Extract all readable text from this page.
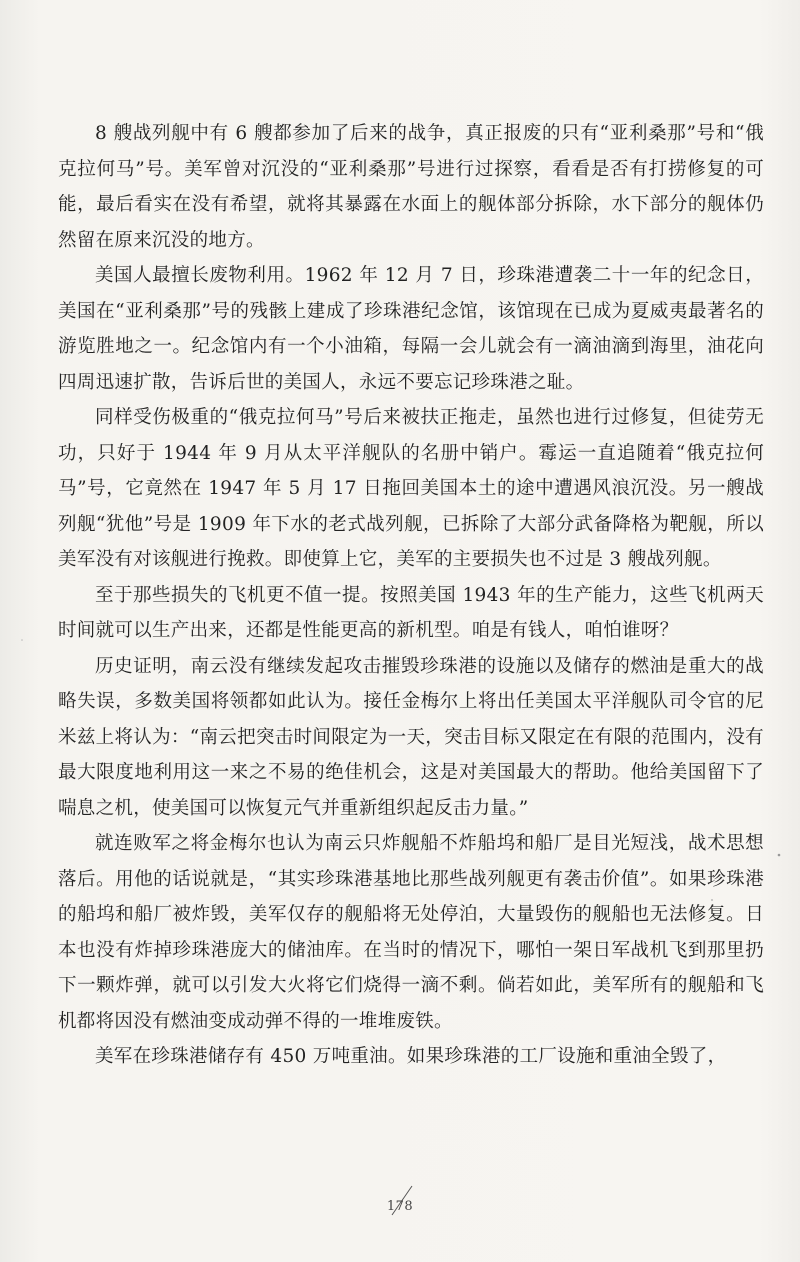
8 艘战列舰中有 6 艘都参加了后来的战争，真正报废的只有“亚利桑那”号和“俄克拉何马”号。美军曾对沉没的“亚利桑那”号进行过探察，看看是否有打捞修复的可能，最后看实在没有希望，就将其暴露在水面上的舰体部分拆除，水下部分的舰体仍然留在原来沉没的地方。

美国人最擅长废物利用。1962 年 12 月 7 日，珍珠港遭袭二十一年的纪念日，美国在“亚利桑那”号的残骸上建成了珍珠港纪念馆，该馆现在已成为夏威夷最著名的游览胜地之一。纪念馆内有一个小油箱，每隔一会儿就会有一滴油滴到海里，油花向四周迅速扩散，告诉后世的美国人，永远不要忘记珍珠港之耻。

同样受伤极重的“俄克拉何马”号后来被扶正拖走，虽然也进行过修复，但徒劳无功，只好于 1944 年 9 月从太平洋舰队的名册中销户。霉运一直追随着“俄克拉何马”号，它竟然在 1947 年 5 月 17 日拖回美国本土的途中遭遇风浪沉没。另一艘战列舰“犹他”号是 1909 年下水的老式战列舰，已拆除了大部分武备降格为靶舰，所以美军没有对该舰进行挽救。即使算上它，美军的主要损失也不过是 3 艘战列舰。

至于那些损失的飞机更不值一提。按照美国 1943 年的生产能力，这些飞机两天时间就可以生产出来，还都是性能更高的新机型。咱是有钱人，咱怕谁呀？

历史证明，南云没有继续发起攻击摧毁珍珠港的设施以及储存的燃油是重大的战略失误，多数美国将领都如此认为。接任金梅尔上将出任美国太平洋舰队司令官的尼米兹上将认为：“南云把突击时间限定为一天，突击目标又限定在有限的范围内，没有最大限度地利用这一来之不易的绝佳机会，这是对美国最大的帮助。他给美国留下了喘息之机，使美国可以恢复元气并重新组织起反击力量。”

就连败军之将金梅尔也认为南云只炸舰船不炸船坞和船厂是目光短浅，战术思想落后。用他的话说就是，“其实珍珠港基地比那些战列舰更有袭击价值”。如果珍珠港的船坞和船厂被炸毁，美军仅存的舰船将无处停泊，大量毁伤的舰船也无法修复。日本也没有炸掉珍珠港庞大的储油库。在当时的情况下，哪怕一架日军战机飞到那里扔下一颗炸弹，就可以引发大火将它们烧得一滴不剩。倘若如此，美军所有的舰船和飞机都将因没有燃油变成动弹不得的一堆堆废铁。

美军在珍珠港储存有 450 万吨重油。如果珍珠港的工厂设施和重油全毁了，

178
